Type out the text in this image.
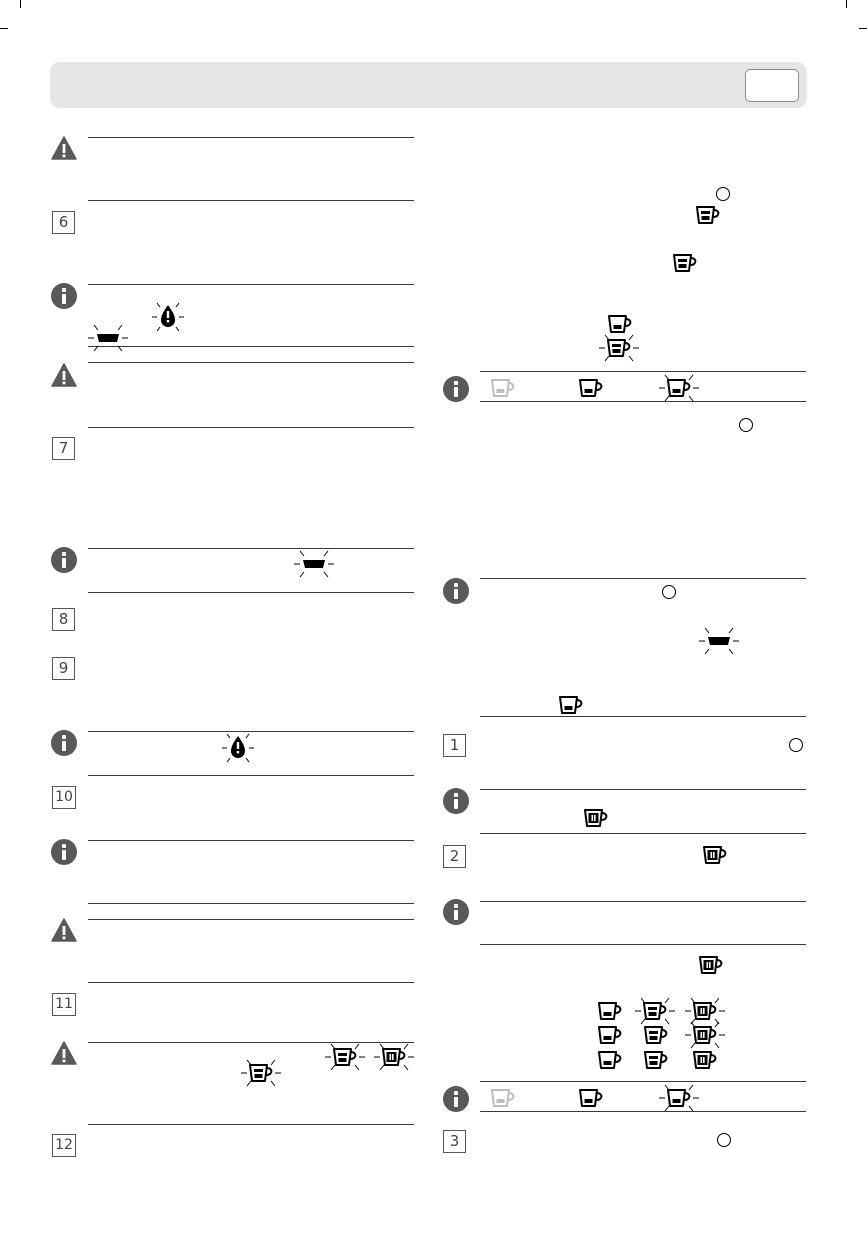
6
7
8
9
10
11
12
1
2
3
